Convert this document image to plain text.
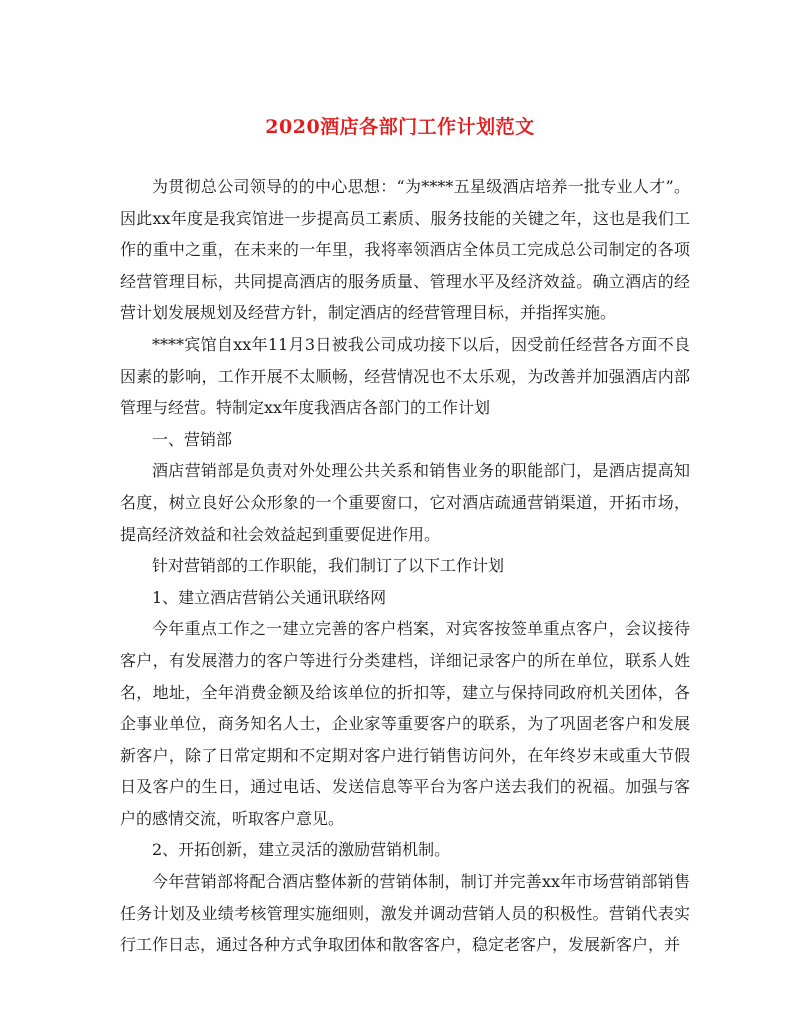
2020酒店各部门工作计划范文

为贯彻总公司领导的的中心思想：“为****五星级酒店培养一批专业人才”。因此xx年度是我宾馆进一步提高员工素质、服务技能的关键之年，这也是我们工作的重中之重，在未来的一年里，我将率领酒店全体员工完成总公司制定的各项经营管理目标，共同提高酒店的服务质量、管理水平及经济效益。确立酒店的经营计划发展规划及经营方针，制定酒店的经营管理目标，并指挥实施。

****宾馆自xx年11月3日被我公司成功接下以后，因受前任经营各方面不良因素的影响，工作开展不太顺畅，经营情况也不太乐观，为改善并加强酒店内部管理与经营。特制定xx年度我酒店各部门的工作计划

一、营销部

酒店营销部是负责对外处理公共关系和销售业务的职能部门，是酒店提高知名度，树立良好公众形象的一个重要窗口，它对酒店疏通营销渠道，开拓市场，提高经济效益和社会效益起到重要促进作用。

针对营销部的工作职能，我们制订了以下工作计划

1、建立酒店营销公关通讯联络网

今年重点工作之一建立完善的客户档案，对宾客按签单重点客户，会议接待客户，有发展潜力的客户等进行分类建档，详细记录客户的所在单位，联系人姓名，地址，全年消费金额及给该单位的折扣等，建立与保持同政府机关团体，各企事业单位，商务知名人士，企业家等重要客户的联系，为了巩固老客户和发展新客户，除了日常定期和不定期对客户进行销售访问外，在年终岁末或重大节假日及客户的生日，通过电话、发送信息等平台为客户送去我们的祝福。加强与客户的感情交流，听取客户意见。

2、开拓创新，建立灵活的激励营销机制。

今年营销部将配合酒店整体新的营销体制，制订并完善xx年市场营销部销售任务计划及业绩考核管理实施细则，激发并调动营销人员的积极性。营销代表实行工作日志，通过各种方式争取团体和散客客户，稳定老客户，发展新客户，并
